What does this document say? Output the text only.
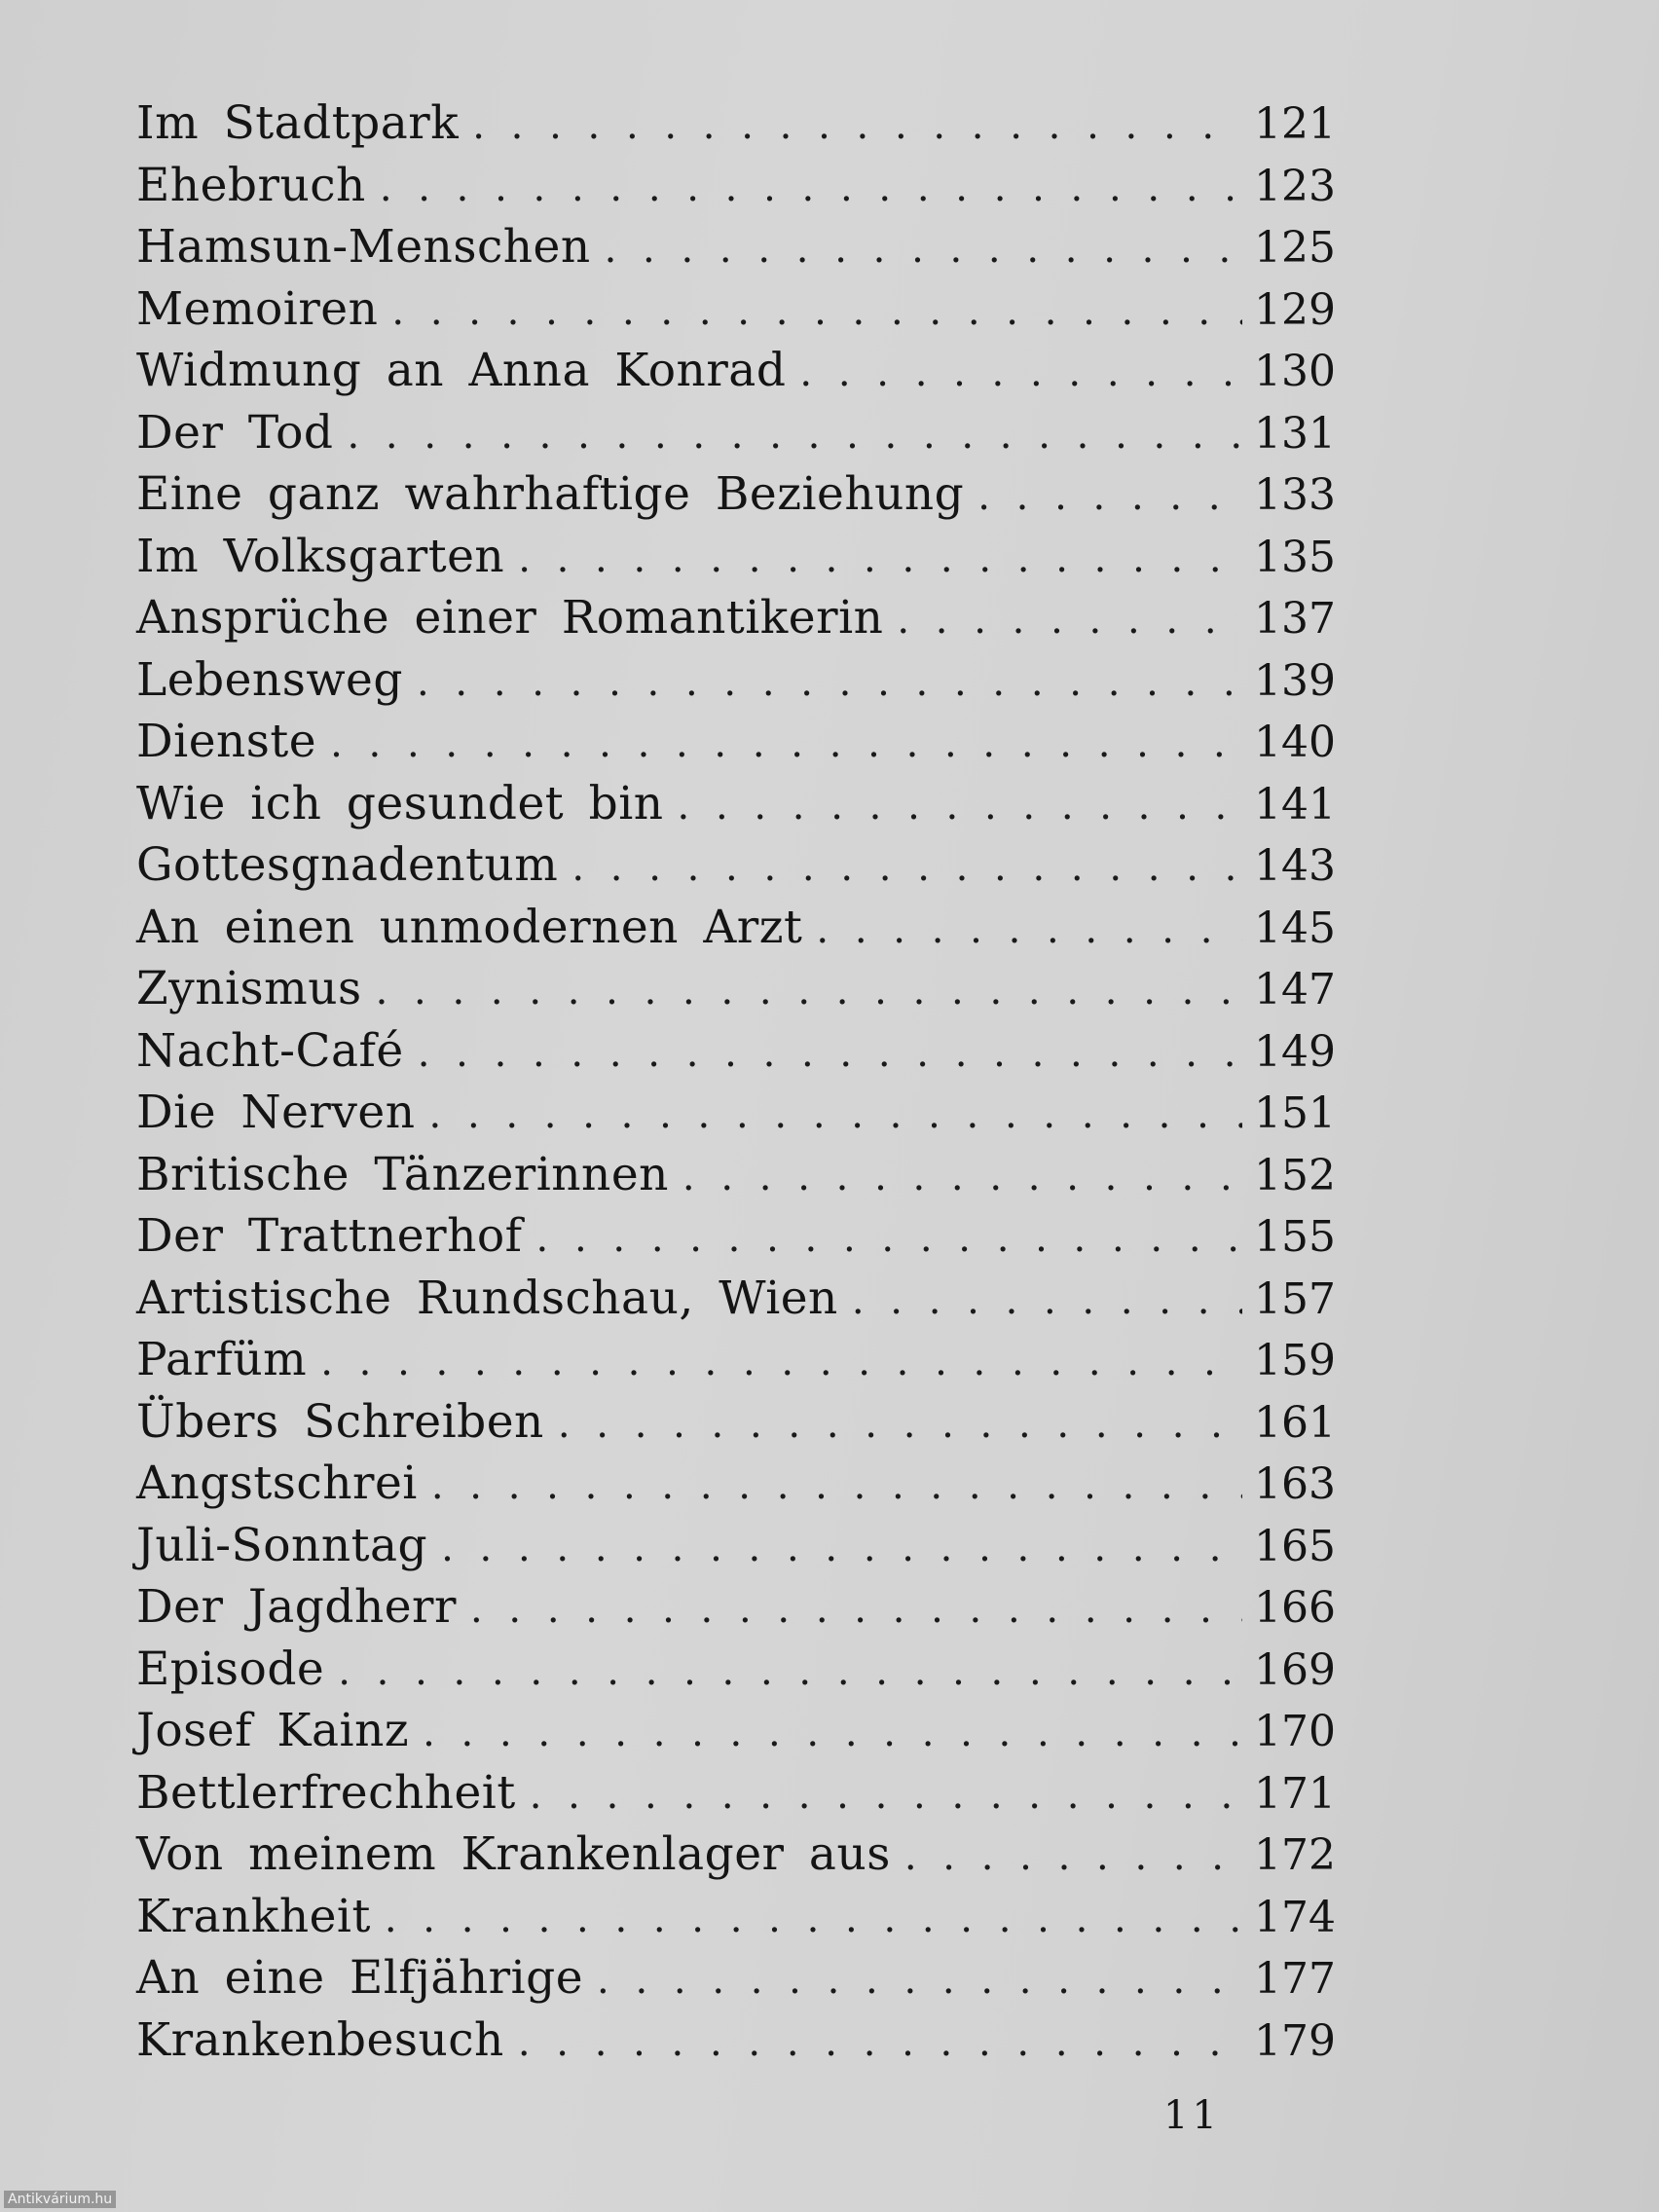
Im Stadtpark . . .	121
Ehebruch . . .	123
Hamsun-Menschen . . .	125
Memoiren . . .	129
Widmung an Anna Konrad . . .	130
Der Tod . . .	131
Eine ganz wahrhaftige Beziehung . . .	133
Im Volksgarten . . .	135
Ansprüche einer Romantikerin . . .	137
Lebensweg . . .	139
Dienste . . .	140
Wie ich gesundet bin . . .	141
Gottesgnadentum . . .	143
An einen unmodernen Arzt . . .	145
Zynismus . . .	147
Nacht-Café . . .	149
Die Nerven . . .	151
Britische Tänzerinnen . . .	152
Der Trattnerhof . . .	155
Artistische Rundschau, Wien . . .	157
Parfüm . . .	159
Übers Schreiben . . .	161
Angstschrei . . .	163
Juli-Sonntag . . .	165
Der Jagdherr . . .	166
Episode . . .	169
Josef Kainz . . .	170
Bettlerfrechheit . . .	171
Von meinem Krankenlager aus . . .	172
Krankheit . . .	174
An eine Elfjährige . . .	177
Krankenbesuch . . .	179
11
Antikvárium.hu
